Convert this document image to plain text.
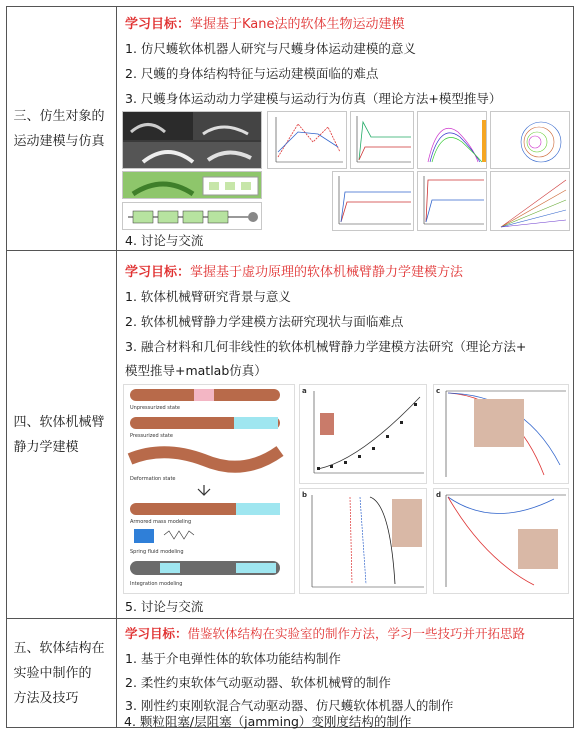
三、仿生对象的
运动建模与仿真
学习目标：掌握基于Kane法的软体生物运动建模
1. 仿尺蠖软体机器人研究与尺蠖身体运动建模的意义
2. 尺蠖的身体结构特征与运动建模面临的难点
3. 尺蠖身体运动动力学建模与运动行为仿真（理论方法+模型推导）
4. 讨论与交流
四、软体机械臂
静力学建模
学习目标：掌握基于虚功原理的软体机械臂静力学建模方法
1. 软体机械臂研究背景与意义
2. 软体机械臂静力学建模方法研究现状与面临难点
3. 融合材料和几何非线性的软体机械臂静力学建模方法研究（理论方法+
模型推导+matlab仿真）
Unpressurized state
Pressurized state
Deformation state
Armored mass modeling
Spring fluid modeling
Integration modeling
a	c
b	d
5. 讨论与交流
五、软体结构在
实验中制作的
方法及技巧
学习目标：借鉴软体结构在实验室的制作方法，学习一些技巧并开拓思路
1. 基于介电弹性体的软体功能结构制作
2. 柔性约束软体气动驱动器、软体机械臂的制作
3. 刚性约束刚软混合气动驱动器、仿尺蠖软体机器人的制作
4. 颗粒阻塞/层阻塞（jamming）变刚度结构的制作
